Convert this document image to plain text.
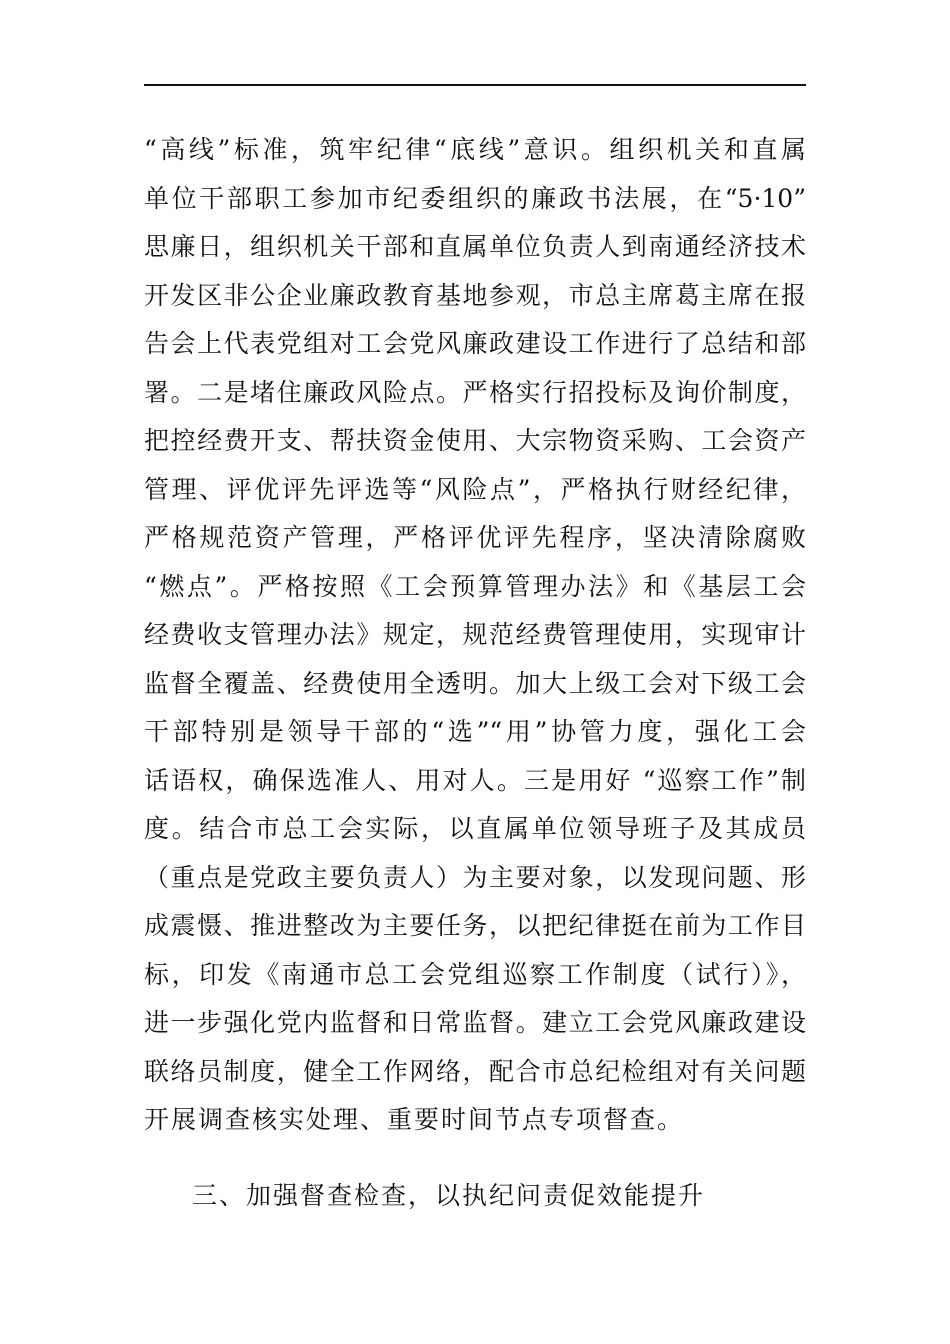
“高线”标准，筑牢纪律“底线”意识。组织机关和直属
单位干部职工参加市纪委组织的廉政书法展，在“5·10”
思廉日，组织机关干部和直属单位负责人到南通经济技术
开发区非公企业廉政教育基地参观，市总主席葛主席在报
告会上代表党组对工会党风廉政建设工作进行了总结和部
署。二是堵住廉政风险点。严格实行招投标及询价制度，
把控经费开支、帮扶资金使用、大宗物资采购、工会资产
管理、评优评先评选等“风险点”，严格执行财经纪律，
严格规范资产管理，严格评优评先程序，坚决清除腐败
“燃点”。严格按照《工会预算管理办法》和《基层工会
经费收支管理办法》规定，规范经费管理使用，实现审计
监督全覆盖、经费使用全透明。加大上级工会对下级工会
干部特别是领导干部的“选”“用”协管力度，强化工会
话语权，确保选准人、用对人。三是用好 “巡察工作”制
度。结合市总工会实际，以直属单位领导班子及其成员
（重点是党政主要负责人）为主要对象，以发现问题、形
成震慑、推进整改为主要任务，以把纪律挺在前为工作目
标，印发《南通市总工会党组巡察工作制度（试行）》，
进一步强化党内监督和日常监督。建立工会党风廉政建设
联络员制度，健全工作网络，配合市总纪检组对有关问题
开展调查核实处理、重要时间节点专项督查。
三、加强督查检查，以执纪问责促效能提升
